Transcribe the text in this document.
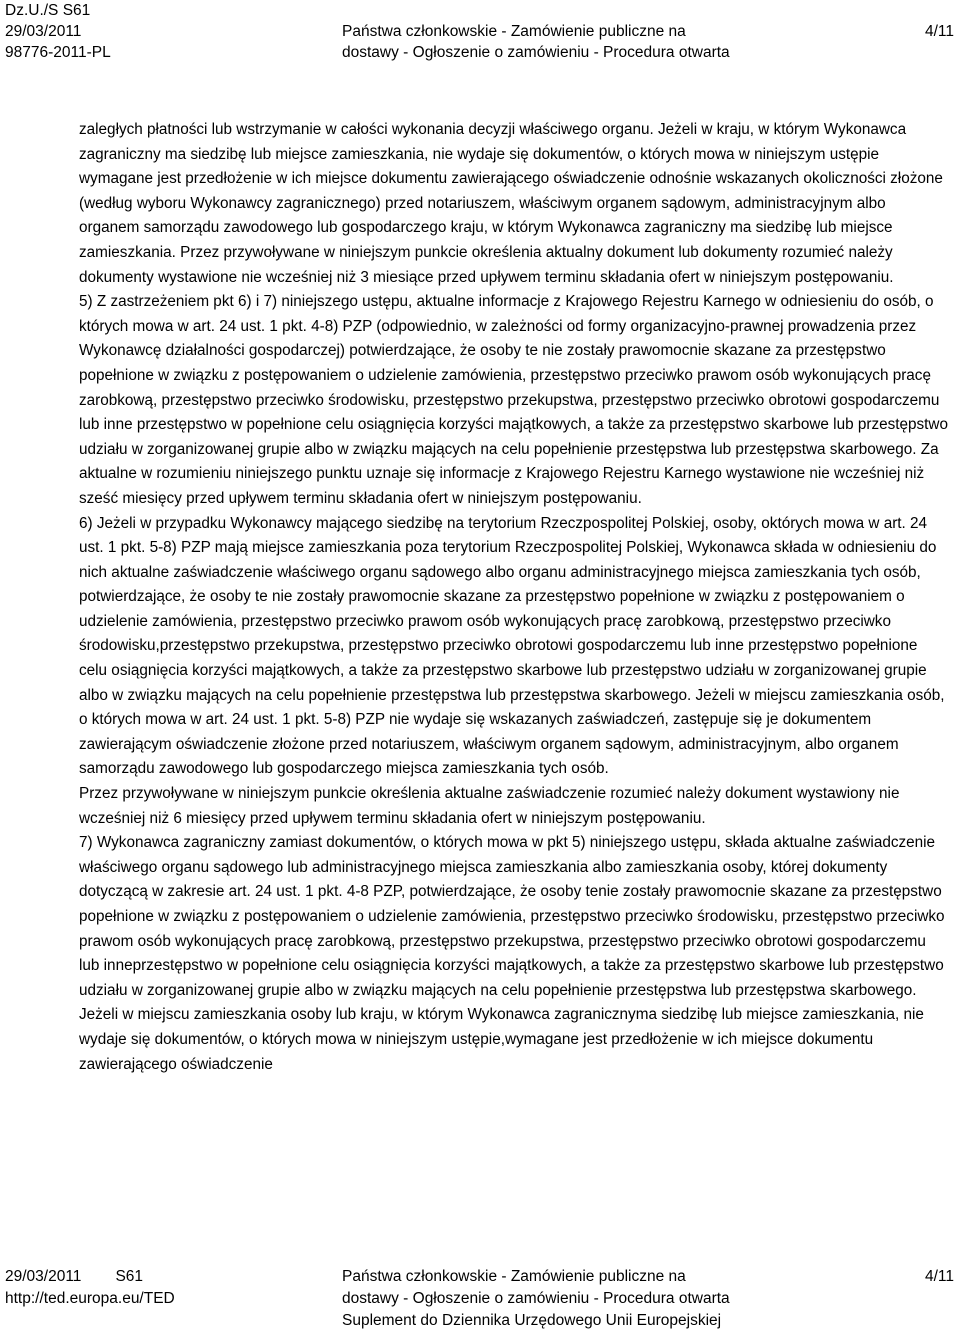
Dz.U./S S61
29/03/2011
98776-2011-PL

Państwa członkowskie - Zamówienie publiczne na
dostawy - Ogłoszenie o zamówieniu - Procedura otwarta
4/11

zaległych płatności lub wstrzymanie w całości wykonania decyzji właściwego organu. Jeżeli w kraju, w którym Wykonawca zagraniczny ma siedzibę lub miejsce zamieszkania, nie wydaje się dokumentów, o których mowa w niniejszym ustępie wymagane jest przedłożenie w ich miejsce dokumentu zawierającego oświadczenie odnośnie wskazanych okoliczności złożone (według wyboru Wykonawcy zagranicznego) przed notariuszem, właściwym organem sądowym, administracyjnym albo organem samorządu zawodowego lub gospodarczego kraju, w którym Wykonawca zagraniczny ma siedzibę lub miejsce zamieszkania. Przez przywoływane w niniejszym punkcie określenia aktualny dokument lub dokumenty rozumieć należy dokumenty wystawione nie wcześniej niż 3 miesiące przed upływem terminu składania ofert w niniejszym postępowaniu.

5) Z zastrzeżeniem pkt 6) i 7) niniejszego ustępu, aktualne informacje z Krajowego Rejestru Karnego w odniesieniu do osób, o których mowa w art. 24 ust. 1 pkt. 4-8) PZP (odpowiednio, w zależności od formy organizacyjno-prawnej prowadzenia przez Wykonawcę działalności gospodarczej) potwierdzające, że osoby te nie zostały prawomocnie skazane za przestępstwo popełnione w związku z postępowaniem o udzielenie zamówienia, przestępstwo przeciwko prawom osób wykonujących pracę zarobkową, przestępstwo przeciwko środowisku, przestępstwo przekupstwa, przestępstwo przeciwko obrotowi gospodarczemu lub inne przestępstwo w popełnione celu osiągnięcia korzyści majątkowych, a także za przestępstwo skarbowe lub przestępstwo udziału w zorganizowanej grupie albo w związku mających na celu popełnienie przestępstwa lub przestępstwa skarbowego. Za aktualne w rozumieniu niniejszego punktu uznaje się informacje z Krajowego Rejestru Karnego wystawione nie wcześniej niż sześć miesięcy przed upływem terminu składania ofert w niniejszym postępowaniu.

6) Jeżeli w przypadku Wykonawcy mającego siedzibę na terytorium Rzeczpospolitej Polskiej, osoby, októrych mowa w art. 24 ust. 1 pkt. 5-8) PZP mają miejsce zamieszkania poza terytorium Rzeczpospolitej Polskiej, Wykonawca składa w odniesieniu do nich aktualne zaświadczenie właściwego organu sądowego albo organu administracyjnego miejsca zamieszkania tych osób, potwierdzające, że osoby te nie zostały prawomocnie skazane za przestępstwo popełnione w związku z postępowaniem o udzielenie zamówienia, przestępstwo przeciwko prawom osób wykonujących pracę zarobkową, przestępstwo przeciwko środowisku,przestępstwo przekupstwa, przestępstwo przeciwko obrotowi gospodarczemu lub inne przestępstwo popełnione celu osiągnięcia korzyści majątkowych, a także za przestępstwo skarbowe lub przestępstwo udziału w zorganizowanej grupie albo w związku mających na celu popełnienie przestępstwa lub przestępstwa skarbowego. Jeżeli w miejscu zamieszkania osób, o których mowa w art. 24 ust. 1 pkt. 5-8) PZP nie wydaje się wskazanych zaświadczeń, zastępuje się je dokumentem zawierającym oświadczenie złożone przed notariuszem, właściwym organem sądowym, administracyjnym, albo organem samorządu zawodowego lub gospodarczego miejsca zamieszkania tych osób.

Przez przywoływane w niniejszym punkcie określenia aktualne zaświadczenie rozumieć należy dokument wystawiony nie wcześniej niż 6 miesięcy przed upływem terminu składania ofert w niniejszym postępowaniu.

7) Wykonawca zagraniczny zamiast dokumentów, o których mowa w pkt 5) niniejszego ustępu, składa aktualne zaświadczenie właściwego organu sądowego lub administracyjnego miejsca zamieszkania albo zamieszkania osoby, której dokumenty dotyczącą w zakresie art. 24 ust. 1 pkt. 4-8 PZP, potwierdzające, że osoby tenie zostały prawomocnie skazane za przestępstwo popełnione w związku z postępowaniem o udzielenie zamówienia, przestępstwo przeciwko środowisku, przestępstwo przeciwko prawom osób wykonujących pracę zarobkową, przestępstwo przekupstwa, przestępstwo przeciwko obrotowi gospodarczemu lub inneprzestępstwo w popełnione celu osiągnięcia korzyści majątkowych, a także za przestępstwo skarbowe lub przestępstwo udziału w zorganizowanej grupie albo w związku mających na celu popełnienie przestępstwa lub przestępstwa skarbowego. Jeżeli w miejscu zamieszkania osoby lub kraju, w którym Wykonawca zagranicznyma siedzibę lub miejsce zamieszkania, nie wydaje się dokumentów, o których mowa w niniejszym ustępie,wymagane jest przedłożenie w ich miejsce dokumentu zawierającego oświadczenie

29/03/2011 S61
http://ted.europa.eu/TED
Państwa członkowskie - Zamówienie publiczne na
dostawy - Ogłoszenie o zamówieniu - Procedura otwarta
Suplement do Dziennika Urzędowego Unii Europejskiej
4/11
